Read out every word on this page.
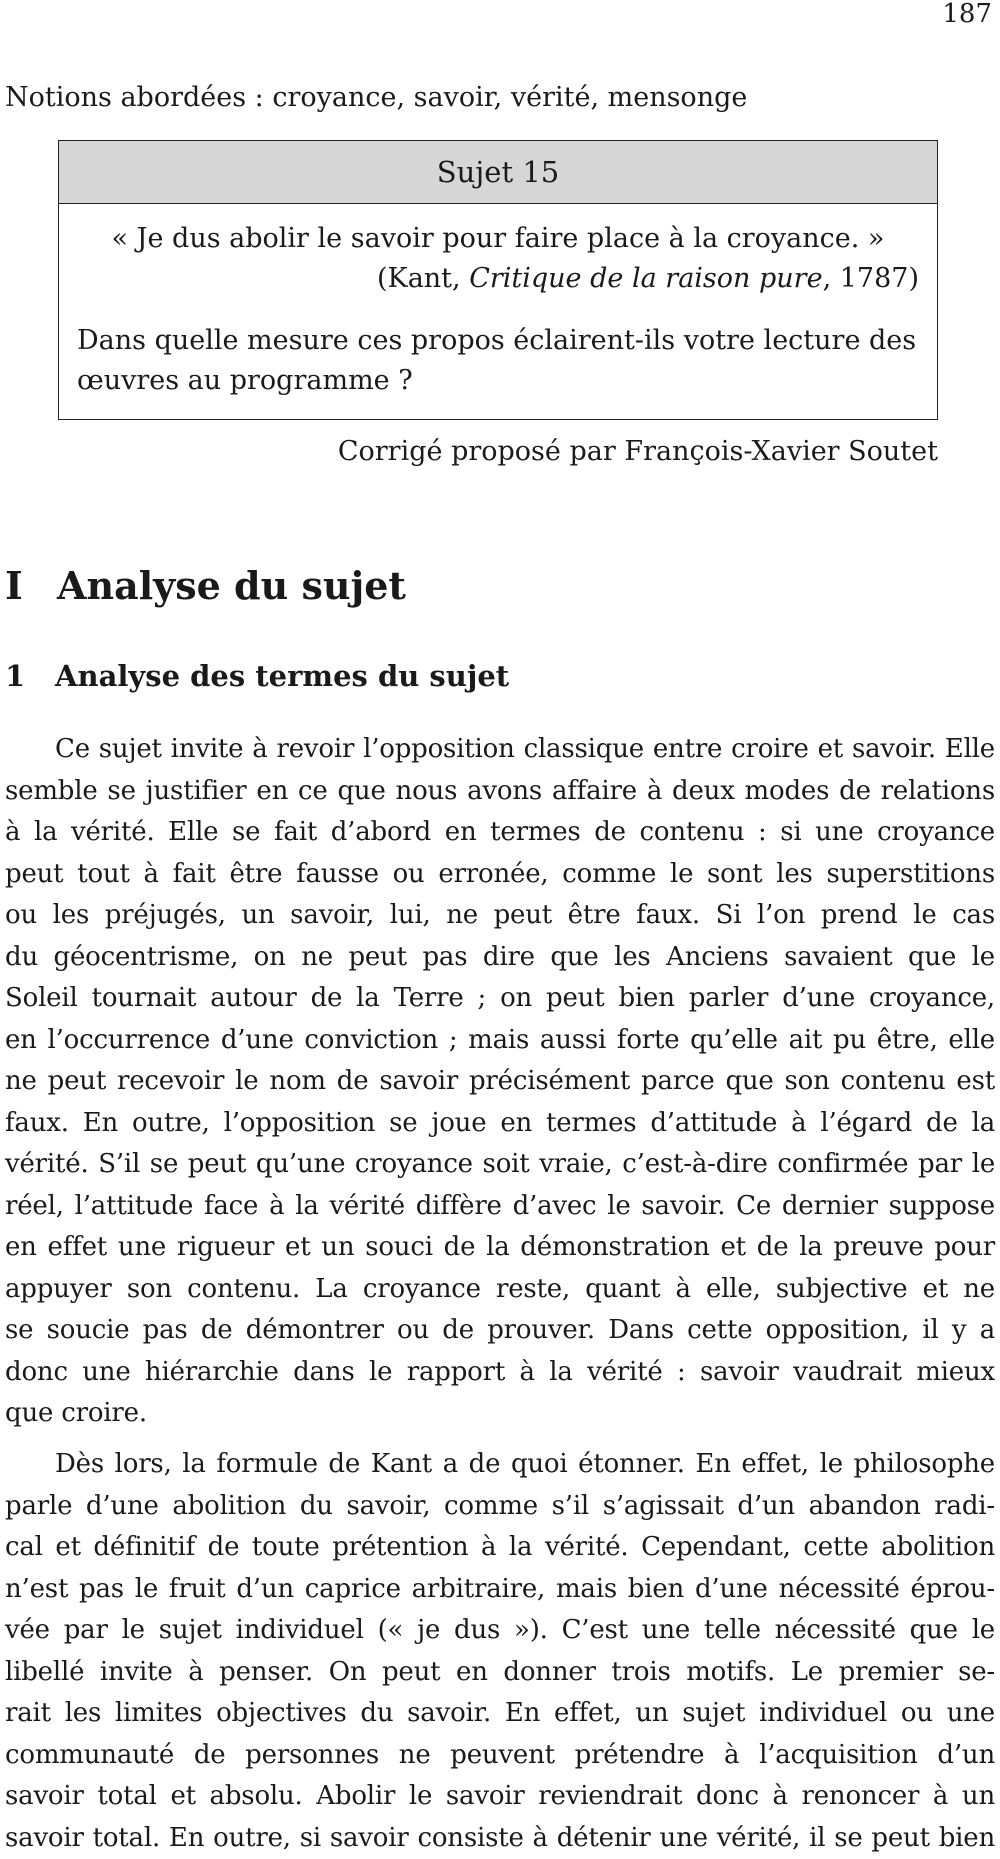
187
Notions abordées : croyance, savoir, vérité, mensonge
Sujet 15
« Je dus abolir le savoir pour faire place à la croyance. »
(Kant, Critique de la raison pure, 1787)
Dans quelle mesure ces propos éclairent-ils votre lecture des œuvres au programme ?
Corrigé proposé par François-Xavier Soutet
I Analyse du sujet
1 Analyse des termes du sujet
Ce sujet invite à revoir l’opposition classique entre croire et savoir. Elle
semble se justifier en ce que nous avons affaire à deux modes de relations
à la vérité. Elle se fait d’abord en termes de contenu : si une croyance
peut tout à fait être fausse ou erronée, comme le sont les superstitions
ou les préjugés, un savoir, lui, ne peut être faux. Si l’on prend le cas
du géocentrisme, on ne peut pas dire que les Anciens savaient que le
Soleil tournait autour de la Terre ; on peut bien parler d’une croyance,
en l’occurrence d’une conviction ; mais aussi forte qu’elle ait pu être, elle
ne peut recevoir le nom de savoir précisément parce que son contenu est
faux. En outre, l’opposition se joue en termes d’attitude à l’égard de la
vérité. S’il se peut qu’une croyance soit vraie, c’est-à-dire confirmée par le
réel, l’attitude face à la vérité diffère d’avec le savoir. Ce dernier suppose
en effet une rigueur et un souci de la démonstration et de la preuve pour
appuyer son contenu. La croyance reste, quant à elle, subjective et ne
se soucie pas de démontrer ou de prouver. Dans cette opposition, il y a
donc une hiérarchie dans le rapport à la vérité : savoir vaudrait mieux
que croire.
Dès lors, la formule de Kant a de quoi étonner. En effet, le philosophe
parle d’une abolition du savoir, comme s’il s’agissait d’un abandon radi-
cal et définitif de toute prétention à la vérité. Cependant, cette abolition
n’est pas le fruit d’un caprice arbitraire, mais bien d’une nécessité éprou-
vée par le sujet individuel (« je dus »). C’est une telle nécessité que le
libellé invite à penser. On peut en donner trois motifs. Le premier se-
rait les limites objectives du savoir. En effet, un sujet individuel ou une
communauté de personnes ne peuvent prétendre à l’acquisition d’un
savoir total et absolu. Abolir le savoir reviendrait donc à renoncer à un
savoir total. En outre, si savoir consiste à détenir une vérité, il se peut bien
